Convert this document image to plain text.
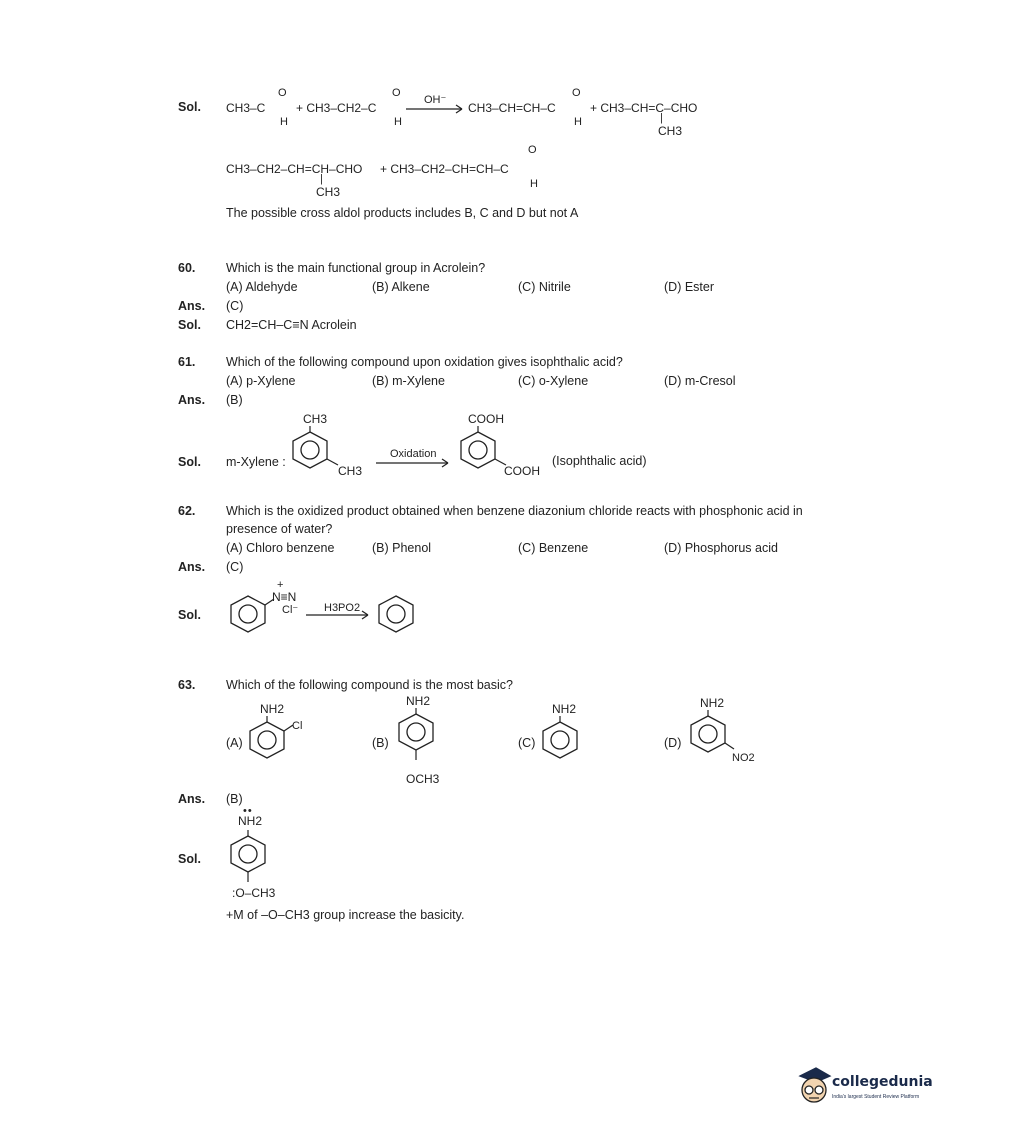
Sol. CH3–C
O
H
+ CH3–CH2–C
O
H
OH⁻
→ CH3–CH=CH–C
O
H
+ CH3–CH=C–CHO
|
CH3
CH3–CH2–CH=CH–CHO
|
CH3
+ CH3–CH2–CH=CH–C
O
H
The possible cross aldol products includes B, C and D but not A
60. Which is the main functional group in Acrolein?
(A) Aldehyde	(B) Alkene	(C) Nitrile	(D) Ester
Ans. (C)
Sol. CH2=CH–C≡N Acrolein
61. Which of the following compound upon oxidation gives isophthalic acid?
(A) p-Xylene	(B) m-Xylene	(C) o-Xylene	(D) m-Cresol
Ans. (B)
Sol. m-Xylene :
CH3
CH3
Oxidation
COOH
COOH
(Isophthalic acid)
62. Which is the oxidized product obtained when benzene diazonium chloride reacts with phosphonic acid in
presence of water?
(A) Chloro benzene	(B) Phenol	(C) Benzene	(D) Phosphorus acid
Ans. (C)
Sol.
+
N≡N
Cl⁻ H3PO2
63. Which of the following compound is the most basic?
NH2
Cl
(A)
NH2
OCH3
(B)
NH2
(C)
NH2
NO2
(D)
Ans. (B)
••
NH2
Sol.
:O–CH3
+M of –O–CH3 group increase the basicity.
collegedunia
India's largest Student Review Platform
